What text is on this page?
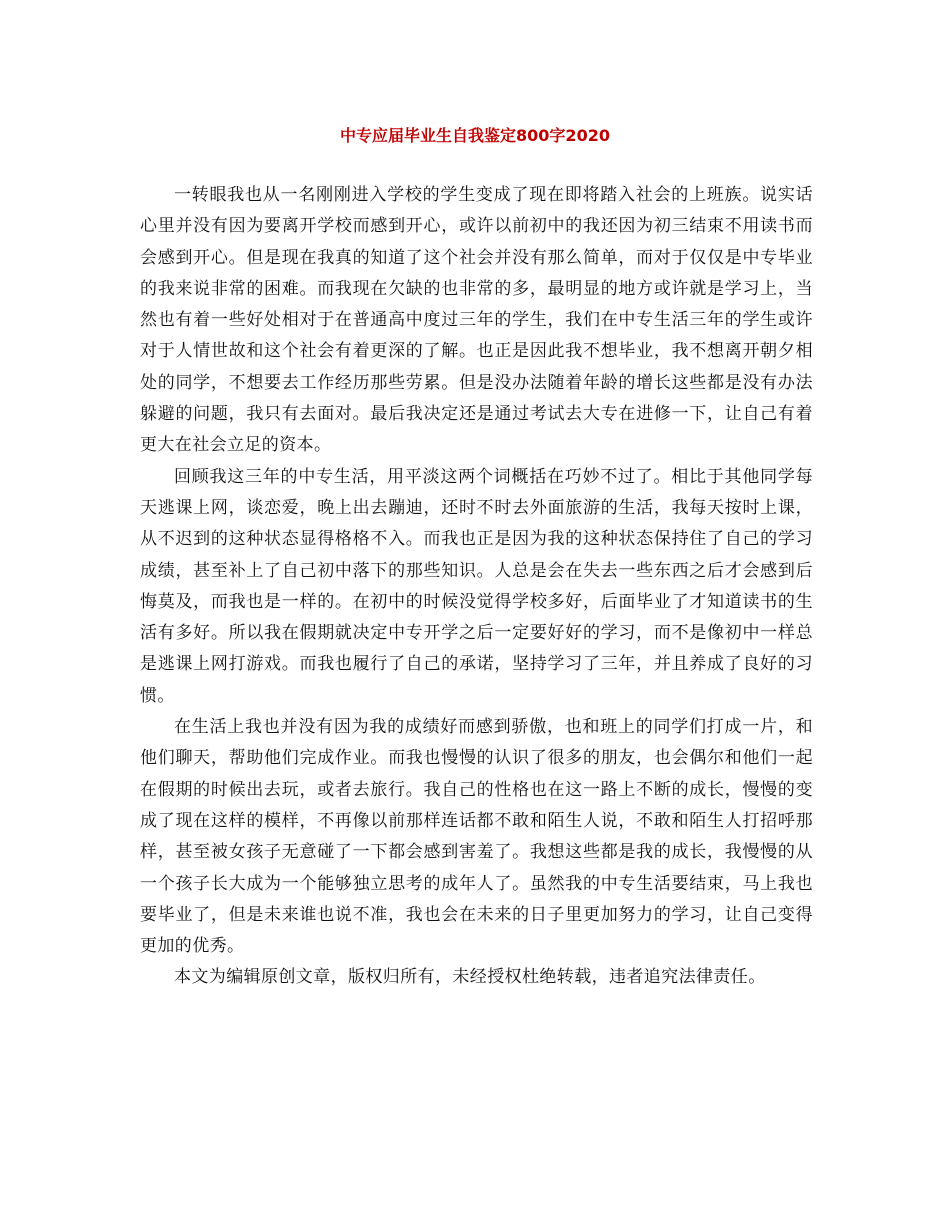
中专应届毕业生自我鉴定800字2020

一转眼我也从一名刚刚进入学校的学生变成了现在即将踏入社会的上班族。说实话心里并没有因为要离开学校而感到开心，或许以前初中的我还因为初三结束不用读书而会感到开心。但是现在我真的知道了这个社会并没有那么简单，而对于仅仅是中专毕业的我来说非常的困难。而我现在欠缺的也非常的多，最明显的地方或许就是学习上，当然也有着一些好处相对于在普通高中度过三年的学生，我们在中专生活三年的学生或许对于人情世故和这个社会有着更深的了解。也正是因此我不想毕业，我不想离开朝夕相处的同学，不想要去工作经历那些劳累。但是没办法随着年龄的增长这些都是没有办法躲避的问题，我只有去面对。最后我决定还是通过考试去大专在进修一下，让自己有着更大在社会立足的资本。

回顾我这三年的中专生活，用平淡这两个词概括在巧妙不过了。相比于其他同学每天逃课上网，谈恋爱，晚上出去蹦迪，还时不时去外面旅游的生活，我每天按时上课，从不迟到的这种状态显得格格不入。而我也正是因为我的这种状态保持住了自己的学习成绩，甚至补上了自己初中落下的那些知识。人总是会在失去一些东西之后才会感到后悔莫及，而我也是一样的。在初中的时候没觉得学校多好，后面毕业了才知道读书的生活有多好。所以我在假期就决定中专开学之后一定要好好的学习，而不是像初中一样总是逃课上网打游戏。而我也履行了自己的承诺，坚持学习了三年，并且养成了良好的习惯。

在生活上我也并没有因为我的成绩好而感到骄傲，也和班上的同学们打成一片，和他们聊天，帮助他们完成作业。而我也慢慢的认识了很多的朋友，也会偶尔和他们一起在假期的时候出去玩，或者去旅行。我自己的性格也在这一路上不断的成长，慢慢的变成了现在这样的模样，不再像以前那样连话都不敢和陌生人说，不敢和陌生人打招呼那样，甚至被女孩子无意碰了一下都会感到害羞了。我想这些都是我的成长，我慢慢的从一个孩子长大成为一个能够独立思考的成年人了。虽然我的中专生活要结束，马上我也要毕业了，但是未来谁也说不准，我也会在未来的日子里更加努力的学习，让自己变得更加的优秀。

本文为编辑原创文章，版权归所有，未经授权杜绝转载，违者追究法律责任。
